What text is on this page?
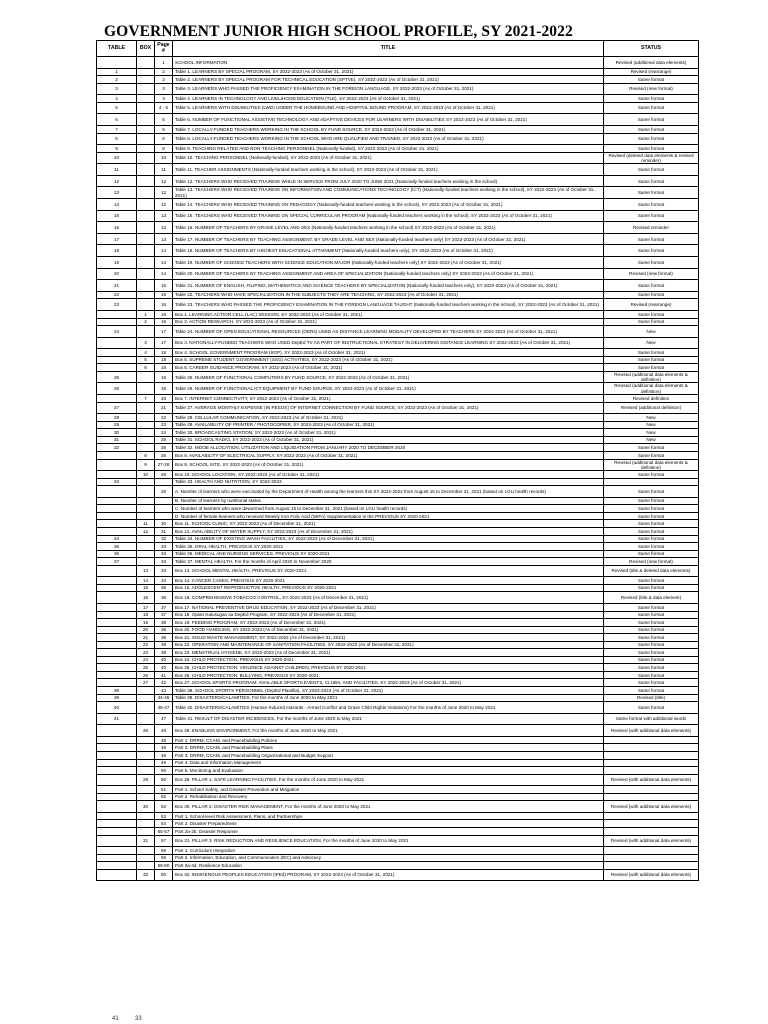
GOVERNMENT JUNIOR HIGH SCHOOL PROFILE, SY 2021-2022
TABLE	BOX	Page #	TITLE	STATUS
		1	SCHOOL INFORMATION	Revised (additional data elements)
1		2	Table 1. LEARNERS BY SPECIAL PROGRAM, SY 2022-2023 (As of October 31, 2021)	Revised (rearrange)
2		2	Table 2. LEARNERS BY SPECIAL PROGRAM FOR TECHNICAL EDUCATION (SPTVE), SY 2022-2023 (As of October 31, 2021)	Same format
3		3	Table 3. LEARNERS WHO PASSED THE PROFICIENCY EXAMINATION IN THE FOREIGN LANGUAGE, SY 2022-2023 (As of October 31, 2021)	Revised (new format)
4		3	Table 4. LEARNERS IN TECHNOLOGY AND LIVELIHOOD EDUCATION (TLE), SY 2022-2023 (As of October 31, 2021)	Same format
5		4 - 5	Table 5. LEARNERS WITH DISABILITIES (LWD) UNDER THE HOMEBOUND AND HOSPITAL BOUND PROGRAM, SY 2022-2023 (As of October 31, 2021)	Same format
6		5	Table 6. NUMBER OF FUNCTIONAL ASSISTIVE TECHNOLOGY AND ADAPTIVE DEVICES FOR LEARNERS WITH DISABILITIES SY 2022-2023 (As of October 31, 2021)	Same format
7		6	Table 7. LOCALLY-FUNDED TEACHERS WORKING IN THE SCHOOL BY FUND SOURCE, SY 2022-2023 (As of October 31, 2021)	Same format
8		6	Table 8. LOCALLY-FUNDED TEACHERS WORKING IN THE SCHOOL WHO ARE QUALIFIED AND TRAINED, SY 2022-2023 (As of October 31, 2021)	Same format
9		8	Table 9. TEACHING RELATED AND NON-TEACHING PERSONNEL (Nationally-funded), SY 2022-2023 (As of October 31, 2021)	Same format
10		10	Table 10. TEACHING PERSONNEL (Nationally-funded), SY 2022-2023 (As of October 31, 2021)	Revised (deleted data elements & revised reminder)
11		11	Table 11. TEACHER ASSIGNMENTS (Nationally-funded teachers working in the school), SY 2022-2023 (As of October 31, 2021)	Same format
12		12	Table 12. TEACHERS WHO RECEIVED TRAINING WHILE IN SERVICE FROM JULY 2020 TO JUNE 2021 (Nationally-funded teachers working in the school)	Same format
13		12	Table 13. TEACHERS WHO RECEIVED TRAINING ON INFORMATION AND COMMUNICATIONS TECHNOLOGY (ICT) (Nationally-funded teachers working in the school), SY 2022-2023 (As of October 31, 2021)	Same format
14		12	Table 14. TEACHERS WHO RECEIVED TRAINING ON PEDAGOGY (Nationally-funded teachers working in the school), SY 2022-2023 (As of October 31, 2021)	Same format
15		13	Table 15. TEACHERS WHO RECEIVED TRAINING ON SPECIAL CURRICULAR PROGRAM (Nationally-funded teachers working in the school), SY 2022-2023 (As of October 31, 2021)	Same format
16		13	Table 16. NUMBER OF TEACHERS BY GRADE LEVEL AND SEX (Nationally-funded teachers working in the school) SY 2022-2023 (As of October 31, 2021)	Revised reminder
17		13	Table 17. NUMBER OF TEACHERS BY TEACHING ASSIGNMENT, BY GRADE LEVEL AND SEX (Nationally-funded teachers only) SY 2022-2023 (As of October 31, 2021)	Same format
18		14	Table 18. NUMBER OF TEACHERS BY HIGHEST EDUCATIONAL ATTAINMENT (Nationally-funded teachers only), SY 2022-2023 (As of October 31, 2021)	Same format
19		14	Table 19. NUMBER OF SCIENCE TEACHERS WITH SCIENCE EDUCATION MAJOR (Nationally-funded teachers only) SY 2022-2023 (As of October 31, 2021)	Same format
20		14	Table 20. NUMBER OF TEACHERS BY TEACHING ASSIGNMENT AND AREA OF SPECIALIZATION (Nationally-funded teachers only) SY 2022-2023 (As of October 31, 2021)	Revised (new format)
21		15	Table 21. NUMBER OF ENGLISH, FILIPINO, MATHEMATICS AND SCIENCE TEACHERS BY SPECIALIZATION (Nationally-funded teachers only), SY 2022-2023 (As of October 31, 2021)	Same format
22		16	Table 22. TEACHERS WHO HAVE SPECIALIZATION IN THE SUBJECTS THEY ARE TEACHING, SY 2022-2023 (As of October 31, 2021)	Same format
23		16	Table 23. TEACHERS WHO PASSED THE PROFICIENCY EXAMINATION IN THE FOREIGN LANGUAGE TAUGHT (Nationally-funded teachers working in the school), SY 2022-2023 (As of October 31, 2021)	Revised (rearrange)
	1	16	Box 1. LEARNING ACTION CELL (LAC) SESSION, SY 2022-2023 (As of October 31, 2021)	Same format
	2	16	Box 2. ACTION RESEARCH, SY 2022-2023 (As of October 31, 2021)	Same format
24		17	Table 24. NUMBER OF OPEN EDUCATIONAL RESOURCES (OERs) USED AS DISTANCE LEARNING MODALITY DEVELOPED BY TEACHERS SY 2022-2023 (As of October 31, 2021)	New
	3	17	Box 3. NATIONALLY-FUNDED TEACHERS WHO USED DepEd TV AS PART OF INSTRUCTIONAL STRATEGY IN DELIVERING DISTANCE LEARNING SY 2022-2023 (As of October 31, 2021)	New
	4	18	Box 4. SCHOOL GOVERNMENT PROGRAM (SGP), SY 2022-2023 (As of October 31, 2021)	Same format
	5	18	Box 5. SUPREME STUDENT GOVERNMENT (SSG) ACTIVITIES, SY 2022-2023 (As of October 31, 2021)	Same format
	6	18	Box 6. CAREER GUIDANCE PROGRAM, SY 2022-2023 (As of October 31, 2021)	Same format
25		19	Table 25. NUMBER OF FUNCTIONAL COMPUTERS BY FUND SOURCE, SY 2022-2023 (As of October 31, 2021)	Revised (additional data elements & definition)
26		19	Table 26. NUMBER OF FUNCTIONAL ICT EQUIPMENT BY FUND SOURCE, SY 2022-2023 (As of October 31, 2021)	Revised (additional data elements & definition)
	7	20	Box 7. INTERNET CONNECTIVITY, SY 2022-2023 (As of October 31, 2021)	Revised definition
27		21	Table 27. AVERAGE MONTHLY EXPENSE (IN PESOS) OF INTERNET CONNECTION BY FUND SOURCE, SY 2022-2023 (As of October 31, 2021)	Revised (additional definition)
28		22	Table 28. CELLULAR COMMUNICATION, SY 2022-2023 (As of October 31, 2021)	New
29		23	Table 29. AVAILABILITY OF PRINTER / PHOTOCOPIER, SY 2022-2023 (As of October 31, 2021)	New
30		24	Table 30. BROADCASTING STATION, SY 2022-2023 (As of October 31, 2021)	New
31		25	Table 31. SCHOOL RADIO, SY 2022-2023 (As of October 31, 2021)	New
32		26	Table 32. MOOE ALLOCATION, UTILIZATION AND LIQUIDATION FROM JANUARY 2020 TO DECEMBER 2020	Same format
	8	26	Box 8. AVAILABILITY OF ELECTRICAL SUPPLY, SY 2022-2023 (As of October 31, 2021)	Same format
	9	27-28	Box 9. SCHOOL SITE, SY 2022-2023 (As of October 31, 2021)	Revised (additional data elements & definition)
	10	29	Box 10. SCHOOL LOCATION, SY 2022-2023 (As of October 31, 2021)	Same format
33			Table 33. HEALTH AND NUTRITION, SY 2022-2023	
		29	A. Number of learners who were vaccinated by the Department of Health among the learners this SY 2022-2023 from August 15 to December 31, 2021 (based on LGU health records)	Same format
			B. Number of learners by nutritional status	Same format
			C. Number of learners who were dewormed from August 15 to December 31, 2021 (based on LGU health records)	Same format
			D. Number of female learners who received Weekly Iron Folic Acid (WIFA) Supplementation in the PREVIOUS SY 2020-2021	Same format
	11	30	Box 11. SCHOOL CLINIC, SY 2022-2023 (As of December 31, 2021)	Same format
	12	31	Box 12. AVAILABILITY OF WATER SUPPLY, SY 2022-2023 (As of December 31, 2021)	Same format
34		32	Table 34. NUMBER OF EXISTING WASH FACILITIES, SY 2022-2023 (As of December 31, 2021)	Same format
35		33	Table 35. ORAL HEALTH, PREVIOUS SY 2020-2021	Same format
36		33	Table 36. MEDICAL AND NURSING SERVICES, PREVIOUS SY 2020-2021	Same format
37		33	Table 37. MENTAL HEALTH, For the months of April 2020 to November 2020	Revised (new format)
	13	33	Box 13. SCHOOL MENTAL HEALTH, PREVIOUS SY 2020-2021	Revised (title & deleted data elements)
	14	34	Box 14. CANCER CASES, PREVIOUS SY 2020-2021	Same format
	15	35	Box 15. ADOLESCENT REPRODUCTIVE HEALTH, PREVIOUS SY 2020-2021	Same format
	16	36	Box 16. COMPREHENSIVE TOBACCO CONTROL, SY 2022-2023 (As of December 31, 2021)	Revised (title & data element)
	17	37	Box 17. NATIONAL PREVENTIVE DRUG EDUCATION, SY 2022-2023 (As of December 31, 2021)	Same format
	18	37	Box 18. Oplan Kalusugan sa DepEd Program, SY 2022-2023 (As of December 31, 2021)	Same format
	19	38	Box 19. FEEDING PROGRAM, SY 2022-2023 (As of December 31, 2021)	Same format
	20	38	Box 20. FOOD HANDLING, SY 2022-2023 (As of December 31, 2021)	Same format
	21	39	Box 21. SOLID WASTE MANAGEMENT, SY 2022-2023 (As of December 31, 2021)	Same format
	22	39	Box 22. OPERATION AND MAINTENANCE OF SANITATION FACILITIES, SY 2022-2023 (As of December 31, 2021)	Same format
	23	39	Box 23. MENSTRUAL HYGIENE, SY 2022-2023 (As of December 31, 2021)	Same format
	24	40	Box 24. CHILD PROTECTION, PREVIOUS SY 2020-2021	Same format
	25	40	Box 25. CHILD PROTECTION: VIOLENCE AGAINST CHILDREN, PREVIOUS SY 2020-2021	Same format
	26	41	Box 26. CHILD PROTECTION: BULLYING, PREVIOUS SY 2020-2021	Same format
	27	42	Box 27. SCHOOL SPORTS PROGRAM: AVAILABLE SPORTS EVENTS, CLUBS, AND FACILITIES, SY 2022-2023 (As of October 31, 2021)	Same format
38		43	Table 38. SCHOOL SPORTS PERSONNEL (DepEd Plantilla), SY 2022-2023 (As of October 31, 2021)	Same format
39		44-45	Table 39. DISASTERS/CALAMITIES, For the months of June 2020 to May 2021	Revised (title)
40		46-47	Table 40. DISASTERS/CALAMITIES (Human-Induced Hazards - Armed Conflict and Grave Child Rights Violations) For the months of June 2020 to May 2021	Same format
41		47	Table 41. RESULT OF DISASTER INCIDENCES, For the months of June 2020 to May 2021	Same format with additional words
	28	48	Box 28. ENABLING ENVIRONMENT, For the months of June 2020 to May 2021	Revised (with additional data elements)
		48	Part 1. DRRM, CCAM, and Peacebuilding Policies	
		49	Part 2. DRRM, CCAM, and Peacebuilding Plans	
		49	Part 3. DRRM, CCAM, and Peacebuilding Organizational and Budget Support	
		49	Part 4. Data and Information Management	
		50	Part 5. Monitoring and Evaluation	
	29	50	Box 29. PILLAR 1. SAFE LEARNING FACILITIES, For the months of June 2020 to May 2021	Revised (with additional data elements)
		51	Part 1. School Safety, and Disaster Prevention and Mitigation	
		52	Part 2. Rehabilitation and Recovery	
	30	53	Box 30. PILLAR 2. DISASTER RISK MANAGEMENT, For the months of June 2020 to May 2021	Revised (with additional data elements)
		53	Part 1. School-level Risk Assessment, Plans, and Partnerships	
		54	Part 2. Disaster Preparedness	
		55-57	Part 2a-2b. Disaster Response	
	31	57	Box 31. PILLAR 3. RISK REDUCTION AND RESILIENCE EDUCATION, For the months of June 2020 to May 2021	Revised (with additional data elements)
		58	Part 1. Curriculum Integration	
		58	Part 2. Information, Education, and Communication (IEC) and Advocacy	
		59-60	Part 3a-3d. Resilience Education	
	32	60	Box 32. INDIGENOUS PEOPLES EDUCATION (IPEd) PROGRAM, SY 2022-2023 (As of October 31, 2021)	Revised (with additional data elements)
41	33
